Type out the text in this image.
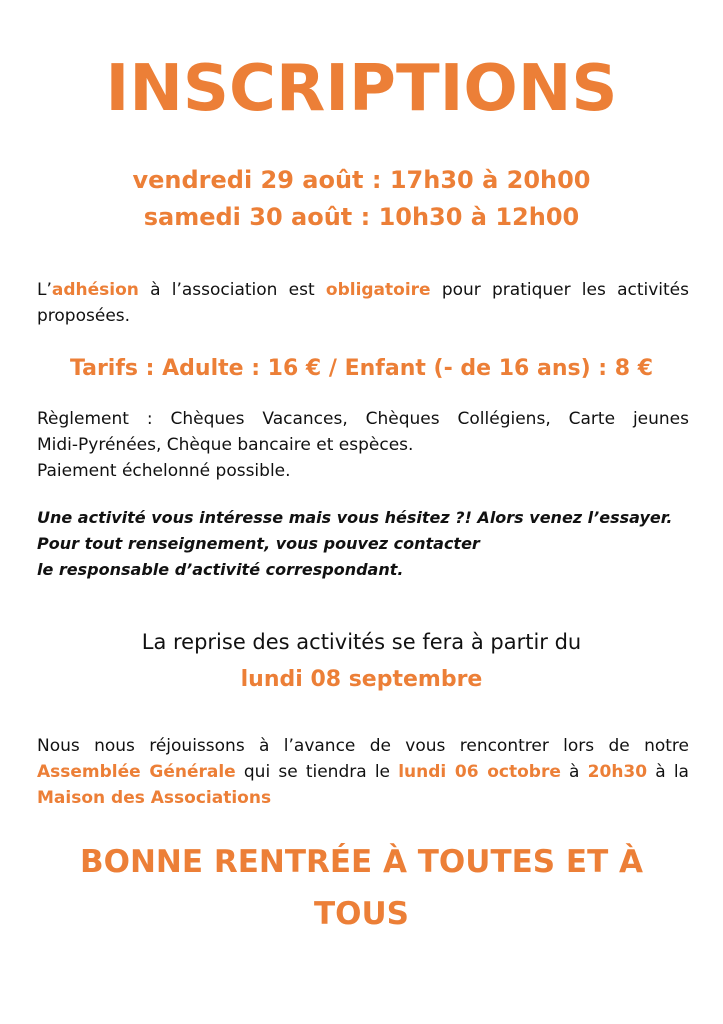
INSCRIPTIONS
vendredi 29 août : 17h30 à 20h00
samedi 30 août : 10h30 à 12h00
L’adhésion à l’association est obligatoire pour pratiquer les activités proposées.
Tarifs : Adulte : 16 € / Enfant (- de 16 ans) : 8 €
Règlement : Chèques Vacances, Chèques Collégiens, Carte jeunes
Midi-Pyrénées, Chèque bancaire et espèces.
Paiement échelonné possible.
Une activité vous intéresse mais vous hésitez ?! Alors venez l’essayer.
Pour tout renseignement, vous pouvez contacter
le responsable d’activité correspondant.
La reprise des activités se fera à partir du
lundi 08 septembre
Nous nous réjouissons à l’avance de vous rencontrer lors de notre
Assemblée Générale qui se tiendra le lundi 06 octobre à 20h30 à la
Maison des Associations
BONNE RENTRÉE À TOUTES ET À TOUS
